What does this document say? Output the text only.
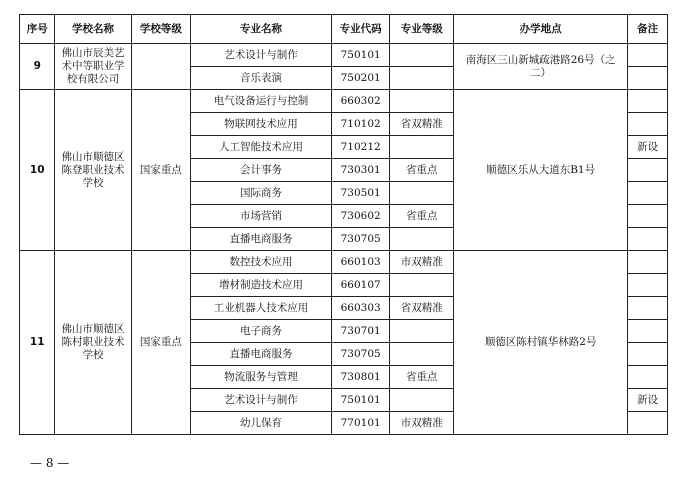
序号	学校名称	学校等级	专业名称	专业代码	专业等级	办学地点	备注
9	佛山市辰美艺术中等职业学校有限公司		艺术设计与制作	750101		南海区三山新城疏港路26号（之二）	
			音乐表演	750201			
10	佛山市顺德区陈登职业技术学校	国家重点	电气设备运行与控制	660302		顺德区乐从大道东B1号	
			物联网技术应用	710102	省双精准		
			人工智能技术应用	710212			新设
			会计事务	730301	省重点		
			国际商务	730501			
			市场营销	730602	省重点		
			直播电商服务	730705			
11	佛山市顺德区陈村职业技术学校	国家重点	数控技术应用	660103	市双精准	顺德区陈村镇华林路2号	
			增材制造技术应用	660107			
			工业机器人技术应用	660303	省双精准		
			电子商务	730701			
			直播电商服务	730705			
			物流服务与管理	730801	省重点		
			艺术设计与制作	750101			新设
			幼儿保育	770101	市双精准		
— 8 —
